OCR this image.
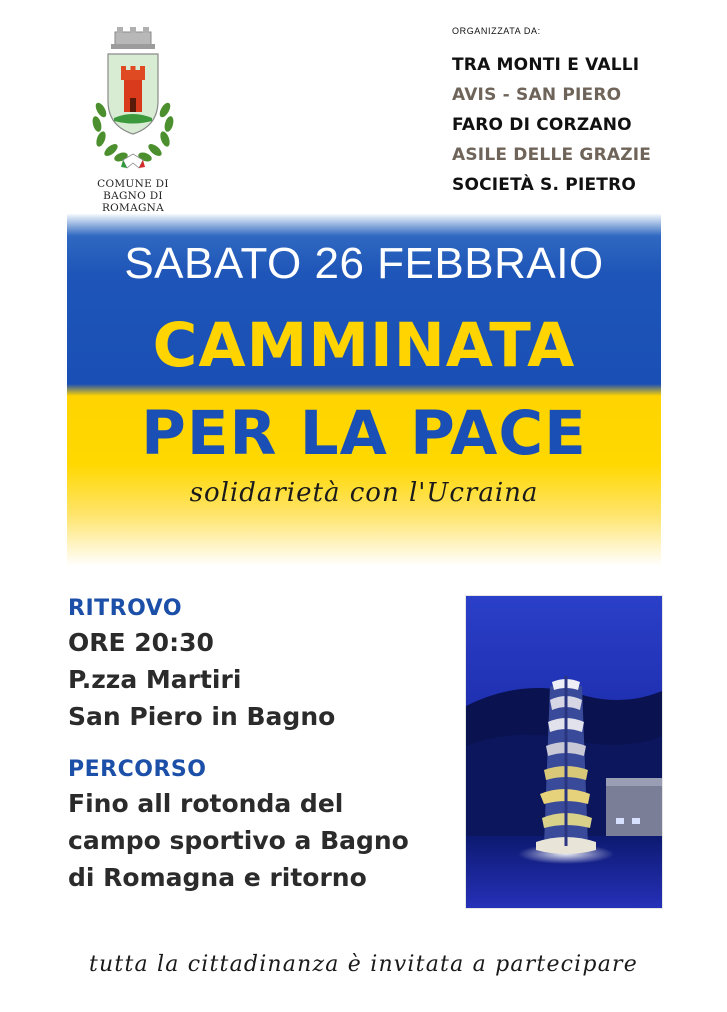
COMUNE DI
BAGNO DI ROMAGNA
ORGANIZZATA DA:
TRA MONTI E VALLI
AVIS - SAN PIERO
FARO DI CORZANO
ASILE DELLE GRAZIE
SOCIETÀ S. PIETRO
SABATO 26 FEBBRAIO
CAMMINATA
PER LA PACE
solidarietà con l'Ucraina
RITROVO
ORE 20:30
P.zza Martiri
San Piero in Bagno
PERCORSO
Fino all rotonda del
campo sportivo a Bagno
di Romagna e ritorno
tutta la cittadinanza è invitata a partecipare
